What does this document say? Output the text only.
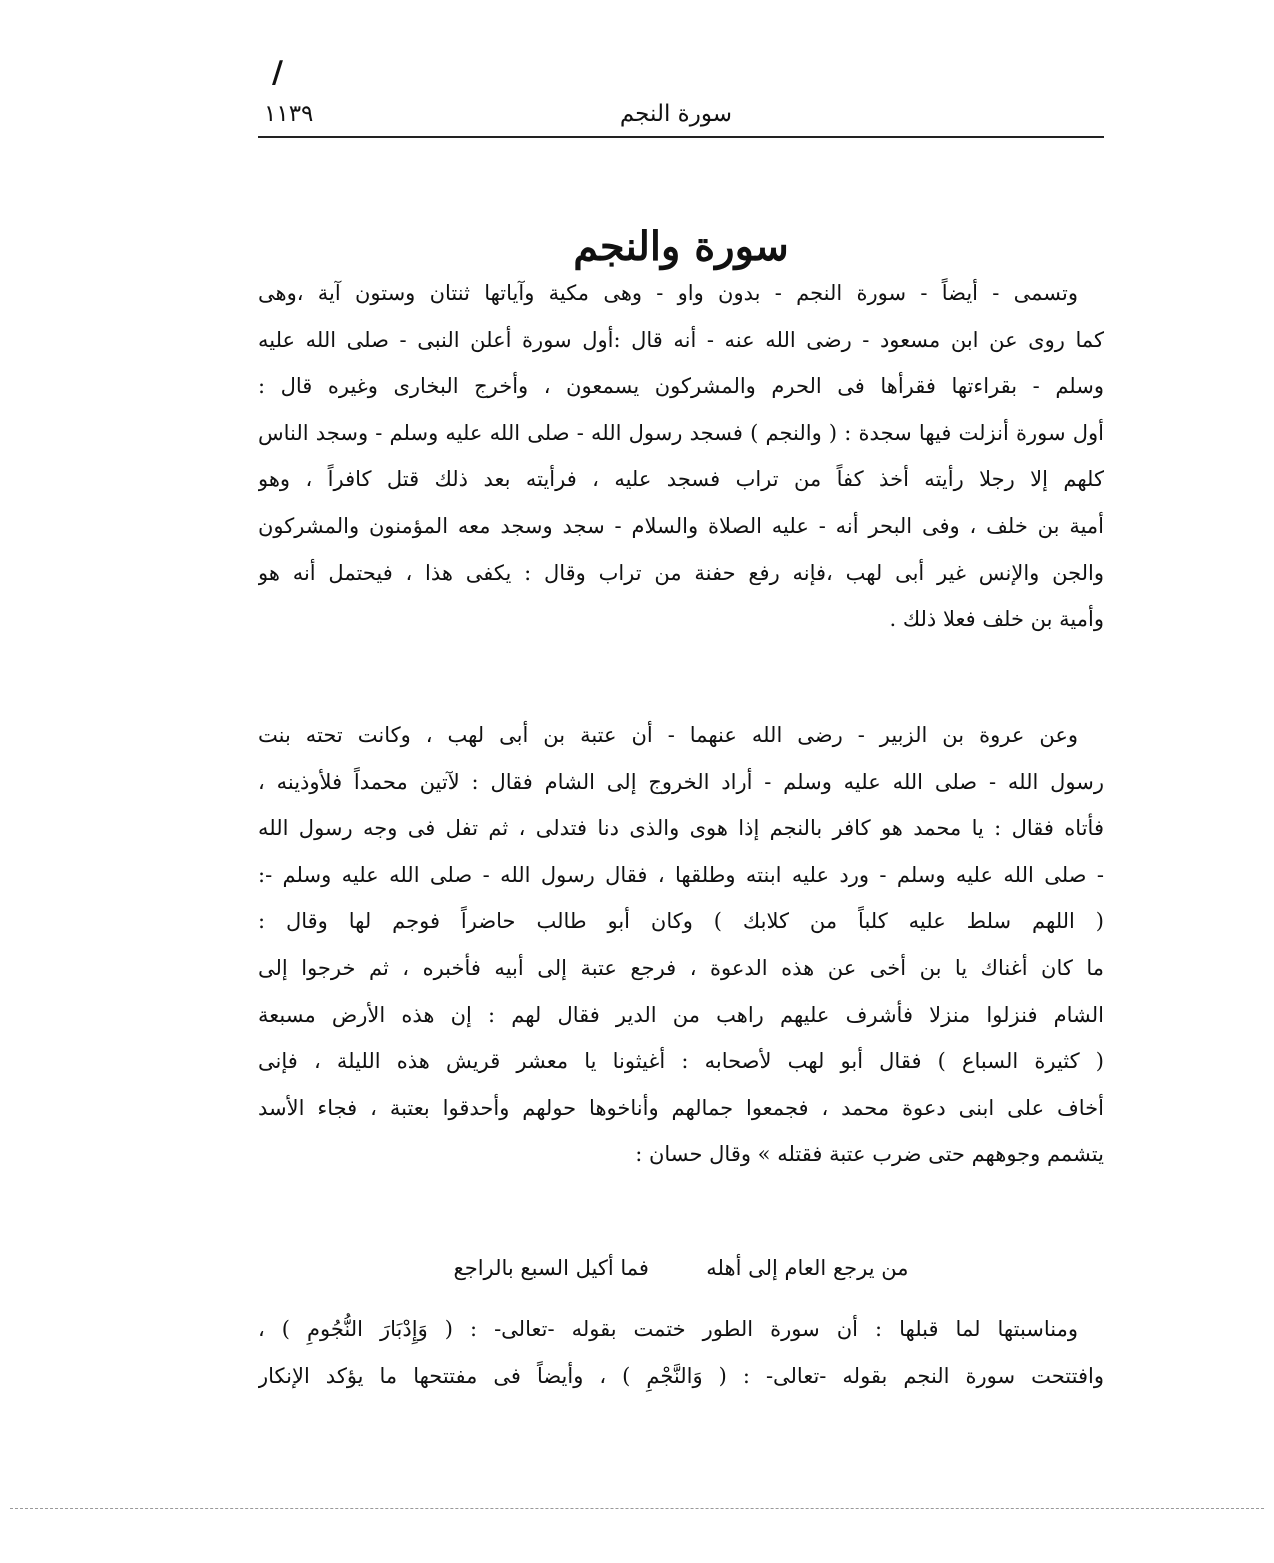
/
سورة النجم
١١٣٩
سورة والنجم
وتسمى - أيضاً - سورة النجم - بدون واو - وهى مكية وآياتها ثنتان وستون آية ،وهى
كما روى عن ابن مسعود - رضى الله عنه - أنه قال :أول سورة أعلن النبى - صلى الله عليه
وسلم - بقراءتها فقرأها فى الحرم والمشركون يسمعون ، وأخرج البخارى وغيره قال :
أول سورة أنزلت فيها سجدة : ( والنجم ) فسجد رسول الله - صلى الله عليه وسلم - وسجد الناس
كلهم إلا رجلا رأيته أخذ كفاً من تراب فسجد عليه ، فرأيته بعد ذلك قتل كافراً ، وهو
أمية بن خلف ، وفى البحر أنه - عليه الصلاة والسلام - سجد وسجد معه المؤمنون والمشركون
والجن والإنس غير أبى لهب ،فإنه رفع حفنة من تراب وقال : يكفى هذا ، فيحتمل أنه هو
وأمية بن خلف فعلا ذلك .
وعن عروة بن الزبير - رضى الله عنهما - أن عتبة بن أبى لهب ، وكانت تحته بنت
رسول الله - صلى الله عليه وسلم - أراد الخروج إلى الشام فقال : لآتين محمداً فلأوذينه ،
فأتاه فقال : يا محمد هو كافر بالنجم إذا هوى والذى دنا فتدلى ، ثم تفل فى وجه رسول الله
- صلى الله عليه وسلم - ورد عليه ابنته وطلقها ، فقال رسول الله - صلى الله عليه وسلم -:
( اللهم سلط عليه كلباً من كلابك ) وكان أبو طالب حاضراً فوجم لها وقال :
ما كان أغناك يا بن أخى عن هذه الدعوة ، فرجع عتبة إلى أبيه فأخبره ، ثم خرجوا إلى
الشام فنزلوا منزلا فأشرف عليهم راهب من الدير فقال لهم : إن هذه الأرض مسبعة
( كثيرة السباع ) فقال أبو لهب لأصحابه : أغيثونا يا معشر قريش هذه الليلة ، فإنى
أخاف على ابنى دعوة محمد ، فجمعوا جمالهم وأناخوها حولهم وأحدقوا بعتبة ، فجاء الأسد
يتشمم وجوههم حتى ضرب عتبة فقتله » وقال حسان :
من يرجع العام إلى أهله  فما أكيل السبع بالراجع
ومناسبتها لما قبلها : أن سورة الطور ختمت بقوله -تعالى- : ( وَإِدْبَارَ النُّجُومِ ) ،
وافتتحت سورة النجم بقوله -تعالى- : ( وَالنَّجْمِ ) ، وأيضاً فى مفتتحها ما يؤكد الإنكار
